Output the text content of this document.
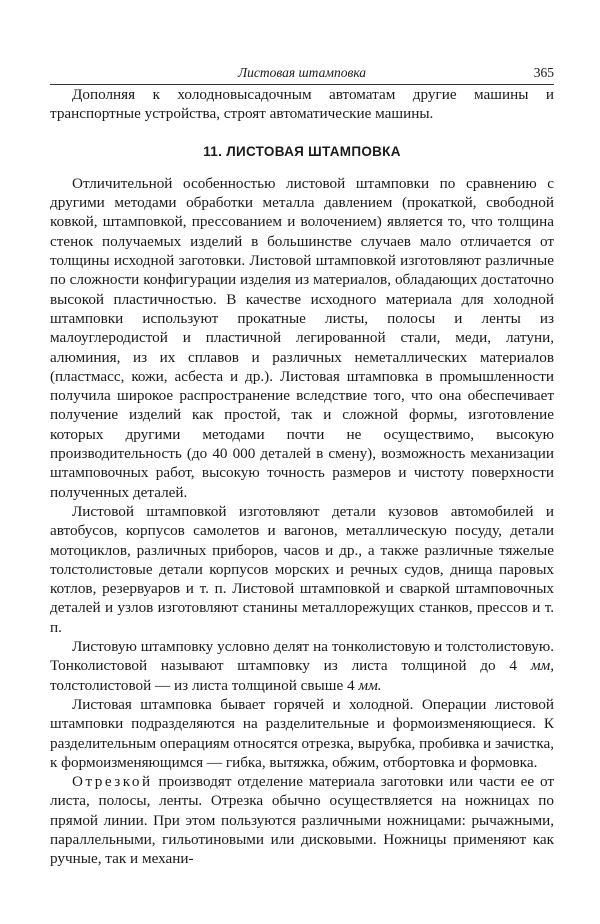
Листовая штамповка	365

Дополняя к холодновысадочным автоматам другие машины и транспортные устройства, строят автоматические машины.

11. ЛИСТОВАЯ ШТАМПОВКА

Отличительной особенностью листовой штамповки по сравнению с другими методами обработки металла давлением (прокаткой, свободной ковкой, штамповкой, прессованием и волочением) является то, что толщина стенок получаемых изделий в большинстве случаев мало отличается от толщины исходной заготовки. Листовой штамповкой изготовляют различные по сложности конфигурации изделия из материалов, обладающих достаточно высокой пластичностью. В качестве исходного материала для холодной штамповки используют прокатные листы, полосы и ленты из малоуглеродистой и пластичной легированной стали, меди, латуни, алюминия, из их сплавов и различных неметаллических материалов (пластмасс, кожи, асбеста и др.). Листовая штамповка в промышленности получила широкое распространение вследствие того, что она обеспечивает получение изделий как простой, так и сложной формы, изготовление которых другими методами почти не осуществимо, высокую производительность (до 40 000 деталей в смену), возможность механизации штамповочных работ, высокую точность размеров и чистоту поверхности полученных деталей.

Листовой штамповкой изготовляют детали кузовов автомобилей и автобусов, корпусов самолетов и вагонов, металлическую посуду, детали мотоциклов, различных приборов, часов и др., а также различные тяжелые толстолистовые детали корпусов морских и речных судов, днища паровых котлов, резервуаров и т. п. Листовой штамповкой и сваркой штамповочных деталей и узлов изготовляют станины металлорежущих станков, прессов и т. п.

Листовую штамповку условно делят на тонколистовую и толстолистовую. Тонколистовой называют штамповку из листа толщиной до 4 мм, толстолистовой — из листа толщиной свыше 4 мм.

Листовая штамповка бывает горячей и холодной. Операции листовой штамповки подразделяются на разделительные и формоизменяющиеся. К разделительным операциям относятся отрезка, вырубка, пробивка и зачистка, к формоизменяющимся — гибка, вытяжка, обжим, отбортовка и формовка.

Отрезкой производят отделение материала заготовки или части ее от листа, полосы, ленты. Отрезка обычно осуществляется на ножницах по прямой линии. При этом пользуются различными ножницами: рычажными, параллельными, гильотиновыми или дисковыми. Ножницы применяют как ручные, так и механи-
